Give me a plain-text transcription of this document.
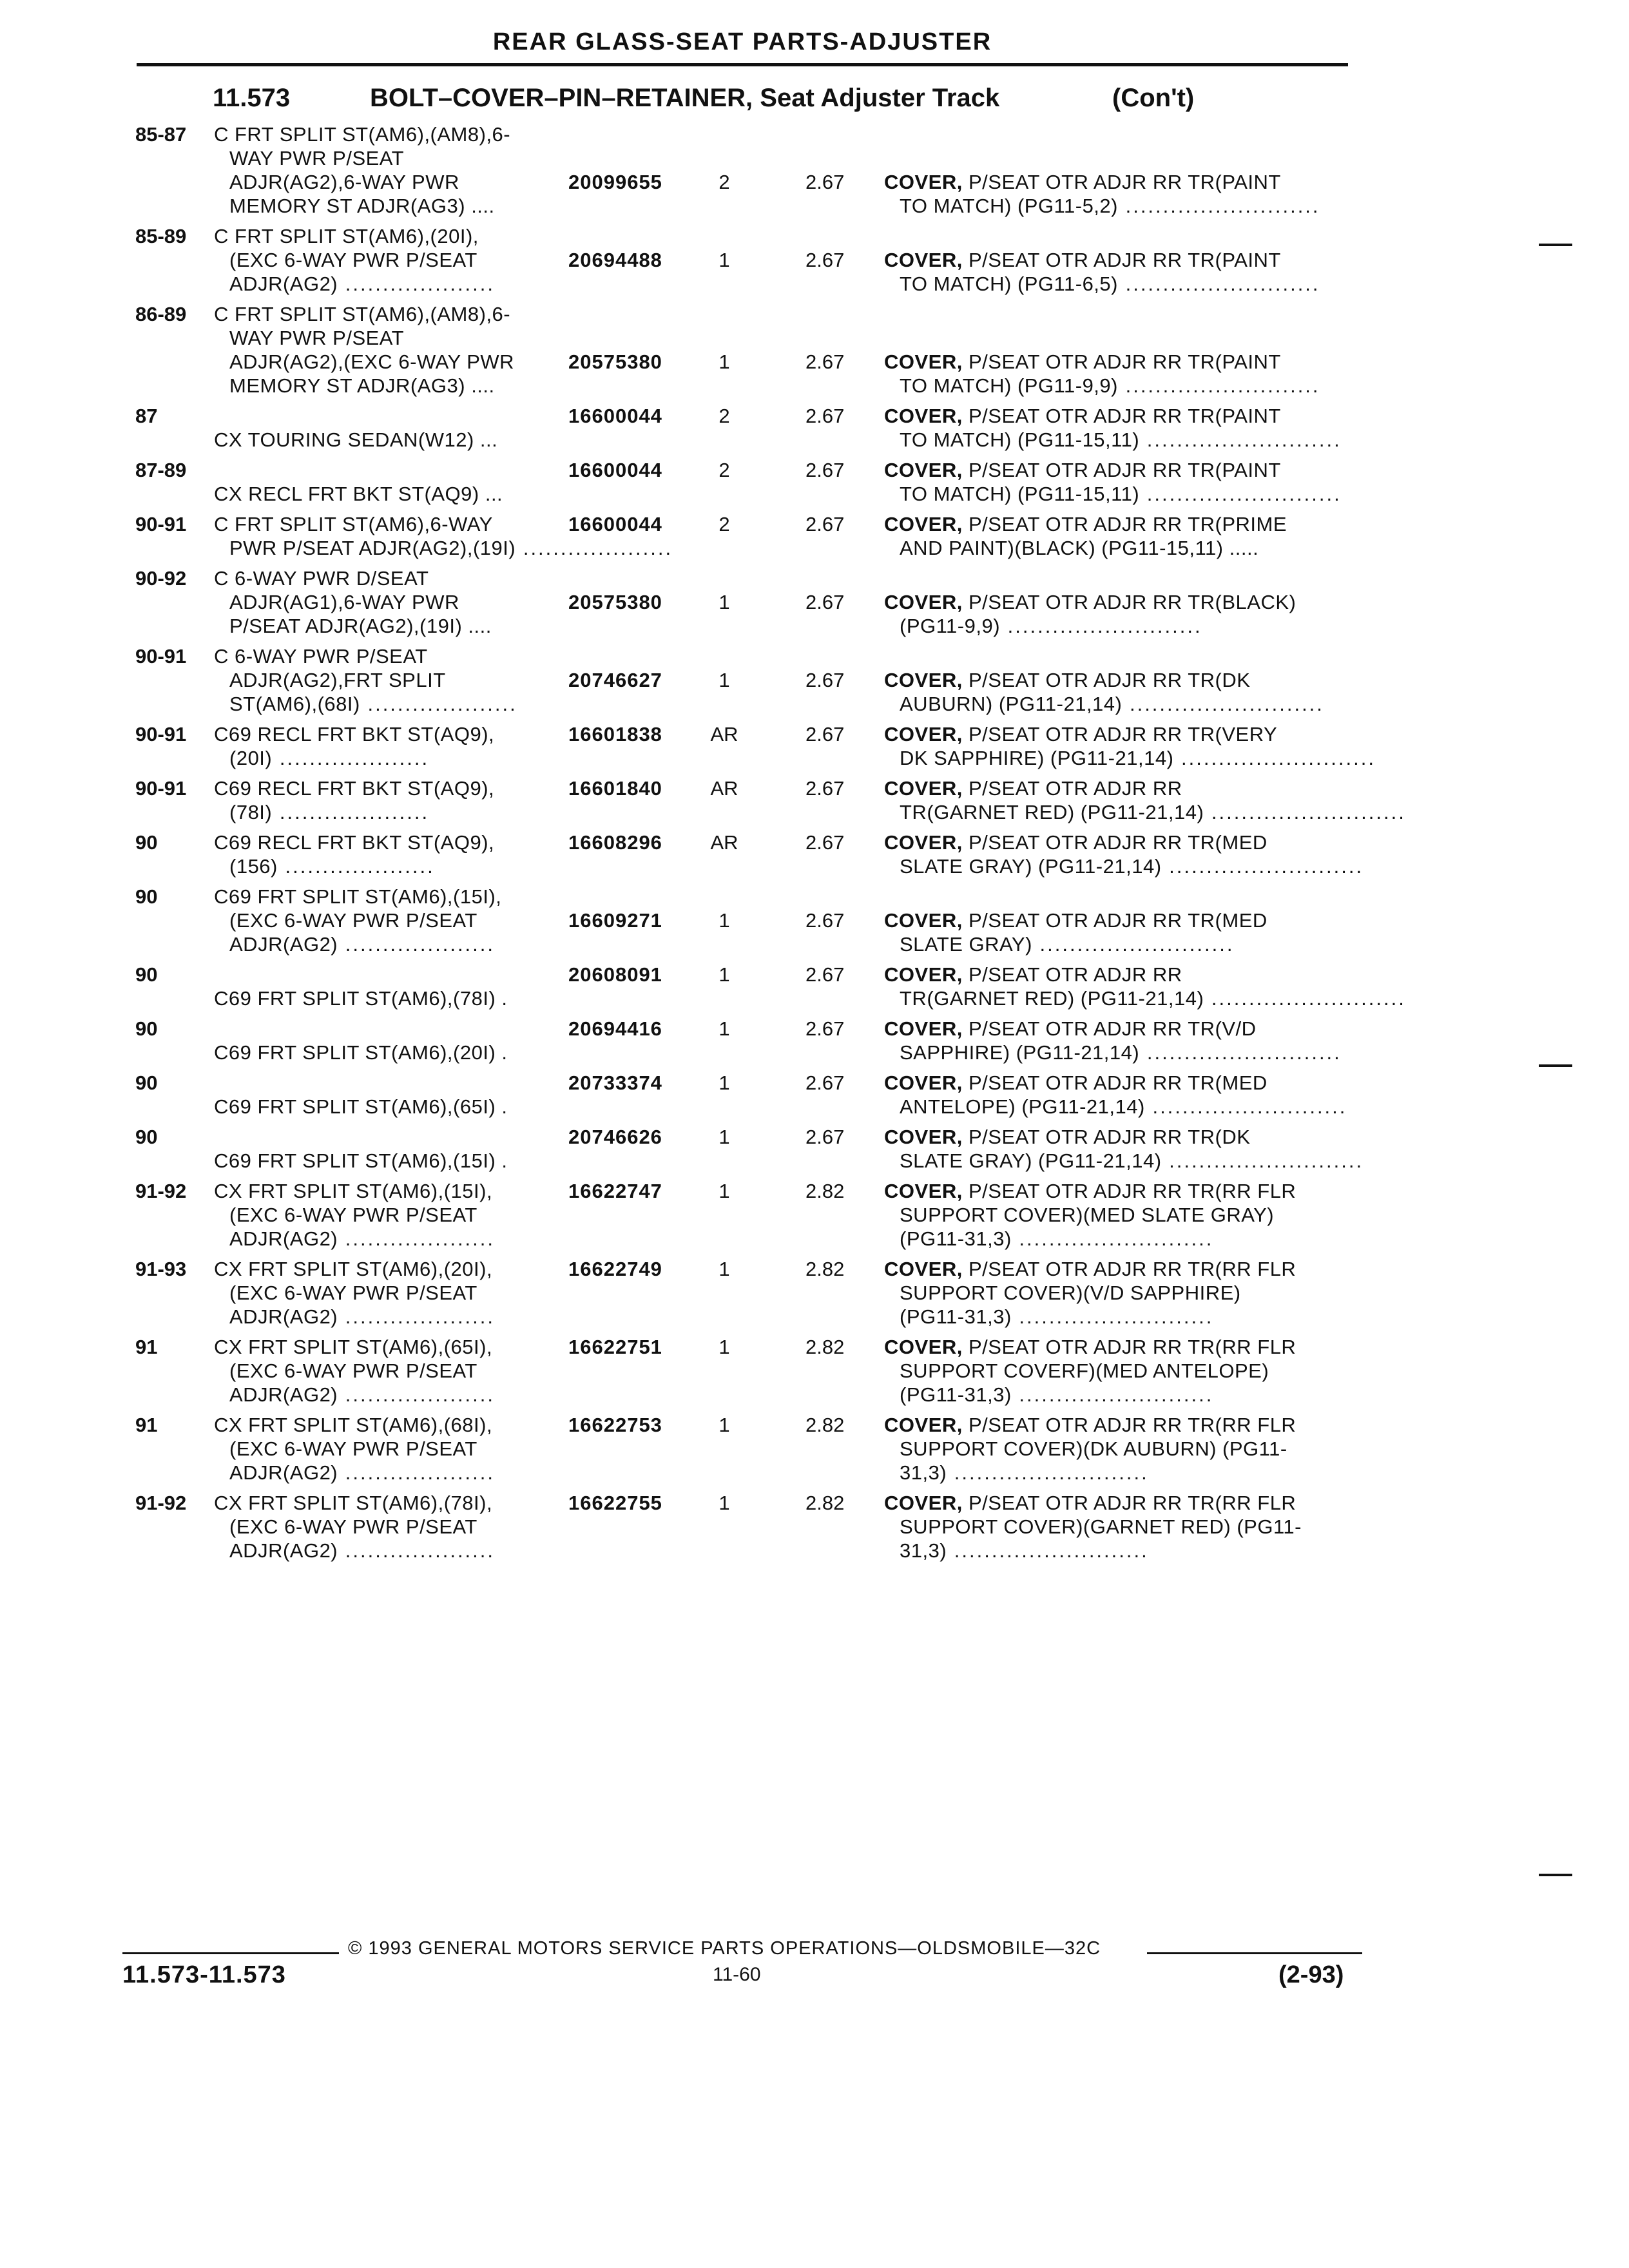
REAR GLASS-SEAT PARTS-ADJUSTER
11.573	BOLT–COVER–PIN–RETAINER, Seat Adjuster Track	(Con't)
85-87 C FRT SPLIT ST(AM6),(AM8),6-
WAY PWR P/SEAT
ADJR(AG2),6-WAY PWR	20099655	2	2.67 COVER, P/SEAT OTR ADJR RR TR(PAINT
MEMORY ST ADJR(AG3) ....	TO MATCH) (PG11-5,2) ..........................
85-89 C FRT SPLIT ST(AM6),(20I),
(EXC 6-WAY PWR P/SEAT	20694488	1	2.67 COVER, P/SEAT OTR ADJR RR TR(PAINT
ADJR(AG2) ....................	TO MATCH) (PG11-6,5) ..........................
86-89 C FRT SPLIT ST(AM6),(AM8),6-
WAY PWR P/SEAT
ADJR(AG2),(EXC 6-WAY PWR	20575380	1	2.67 COVER, P/SEAT OTR ADJR RR TR(PAINT
MEMORY ST ADJR(AG3) ....	TO MATCH) (PG11-9,9) ..........................
87	16600044	2	2.67 COVER, P/SEAT OTR ADJR RR TR(PAINT
CX TOURING SEDAN(W12) ...	TO MATCH) (PG11-15,11) ..........................
87-89	16600044	2	2.67 COVER, P/SEAT OTR ADJR RR TR(PAINT
CX RECL FRT BKT ST(AQ9) ...	TO MATCH) (PG11-15,11) ..........................
90-91 C FRT SPLIT ST(AM6),6-WAY	16600044	2	2.67 COVER, P/SEAT OTR ADJR RR TR(PRIME
PWR P/SEAT ADJR(AG2),(19I) ....................	AND PAINT)(BLACK) (PG11-15,11) .....
90-92 C 6-WAY PWR D/SEAT
ADJR(AG1),6-WAY PWR	20575380	1	2.67 COVER, P/SEAT OTR ADJR RR TR(BLACK)
P/SEAT ADJR(AG2),(19I) ....	(PG11-9,9) ..........................
90-91 C 6-WAY PWR P/SEAT
ADJR(AG2),FRT SPLIT	20746627	1	2.67 COVER, P/SEAT OTR ADJR RR TR(DK
ST(AM6),(68I) ....................	AUBURN) (PG11-21,14) ..........................
90-91 C69 RECL FRT BKT ST(AQ9),	16601838	AR	2.67 COVER, P/SEAT OTR ADJR RR TR(VERY
(20I) ....................	DK SAPPHIRE) (PG11-21,14) ..........................
90-91 C69 RECL FRT BKT ST(AQ9),	16601840	AR	2.67 COVER, P/SEAT OTR ADJR RR
(78I) ....................	TR(GARNET RED) (PG11-21,14) ..........................
90	C69 RECL FRT BKT ST(AQ9),	16608296	AR	2.67 COVER, P/SEAT OTR ADJR RR TR(MED
(156) ....................	SLATE GRAY) (PG11-21,14) ..........................
90	C69 FRT SPLIT ST(AM6),(15I),
(EXC 6-WAY PWR P/SEAT	16609271	1	2.67 COVER, P/SEAT OTR ADJR RR TR(MED
ADJR(AG2) ....................	SLATE GRAY) ..........................
90	20608091	1	2.67 COVER, P/SEAT OTR ADJR RR
C69 FRT SPLIT ST(AM6),(78I) .	TR(GARNET RED) (PG11-21,14) ..........................
90	20694416	1	2.67 COVER, P/SEAT OTR ADJR RR TR(V/D
C69 FRT SPLIT ST(AM6),(20I) .	SAPPHIRE) (PG11-21,14) ..........................
90	20733374	1	2.67 COVER, P/SEAT OTR ADJR RR TR(MED
C69 FRT SPLIT ST(AM6),(65I) .	ANTELOPE) (PG11-21,14) ..........................
90	20746626	1	2.67 COVER, P/SEAT OTR ADJR RR TR(DK
C69 FRT SPLIT ST(AM6),(15I) .	SLATE GRAY) (PG11-21,14) ..........................
91-92 CX FRT SPLIT ST(AM6),(15I),	16622747	1	2.82 COVER, P/SEAT OTR ADJR RR TR(RR FLR
(EXC 6-WAY PWR P/SEAT	SUPPORT COVER)(MED SLATE GRAY)
ADJR(AG2) ....................	(PG11-31,3) ..........................
91-93 CX FRT SPLIT ST(AM6),(20I),	16622749	1	2.82 COVER, P/SEAT OTR ADJR RR TR(RR FLR
(EXC 6-WAY PWR P/SEAT	SUPPORT COVER)(V/D SAPPHIRE)
ADJR(AG2) ....................	(PG11-31,3) ..........................
91	CX FRT SPLIT ST(AM6),(65I),	16622751	1	2.82 COVER, P/SEAT OTR ADJR RR TR(RR FLR
(EXC 6-WAY PWR P/SEAT	SUPPORT COVERF)(MED ANTELOPE)
ADJR(AG2) ....................	(PG11-31,3) ..........................
91	CX FRT SPLIT ST(AM6),(68I),	16622753	1	2.82 COVER, P/SEAT OTR ADJR RR TR(RR FLR
(EXC 6-WAY PWR P/SEAT	SUPPORT COVER)(DK AUBURN) (PG11-
ADJR(AG2) ....................	31,3) ..........................
91-92 CX FRT SPLIT ST(AM6),(78I),	16622755	1	2.82 COVER, P/SEAT OTR ADJR RR TR(RR FLR
(EXC 6-WAY PWR P/SEAT	SUPPORT COVER)(GARNET RED) (PG11-
ADJR(AG2) ....................	31,3) ..........................
© 1993 GENERAL MOTORS SERVICE PARTS OPERATIONS—OLDSMOBILE—32C
11.573-11.573	11-60	(2-93)
